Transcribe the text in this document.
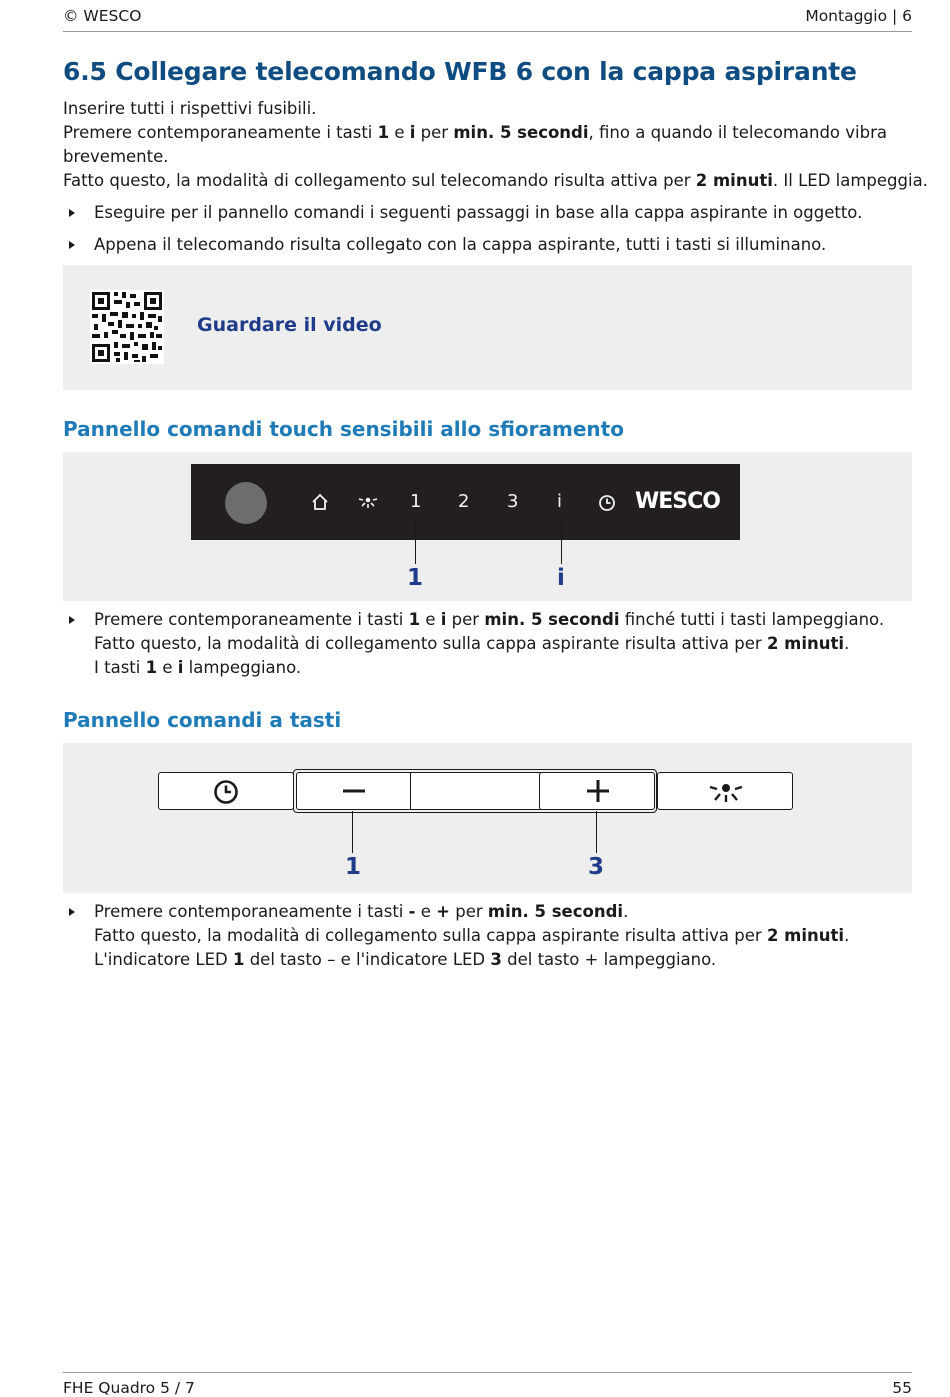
© WESCO	Montaggio | 6
6.5 Collegare telecomando WFB 6 con la cappa aspirante
Inserire tutti i rispettivi fusibili.
Premere contemporaneamente i tasti 1 e i per min. 5 secondi, fino a quando il telecomando vibra
brevemente.
Fatto questo, la modalità di collegamento sul telecomando risulta attiva per 2 minuti. Il LED lampeggia.
Eseguire per il pannello comandi i seguenti passaggi in base alla cappa aspirante in oggetto.
Appena il telecomando risulta collegato con la cappa aspirante, tutti i tasti si illuminano.
Guardare il video
Pannello comandi touch sensibili allo sfioramento
1 2 3 i	WESCO
1	i
Premere contemporaneamente i tasti 1 e i per min. 5 secondi finché tutti i tasti lampeggiano.
Fatto questo, la modalità di collegamento sulla cappa aspirante risulta attiva per 2 minuti.
I tasti 1 e i lampeggiano.
Pannello comandi a tasti
1	3
Premere contemporaneamente i tasti - e + per min. 5 secondi.
Fatto questo, la modalità di collegamento sulla cappa aspirante risulta attiva per 2 minuti.
L'indicatore LED 1 del tasto – e l'indicatore LED 3 del tasto + lampeggiano.
FHE Quadro 5 / 7	55
